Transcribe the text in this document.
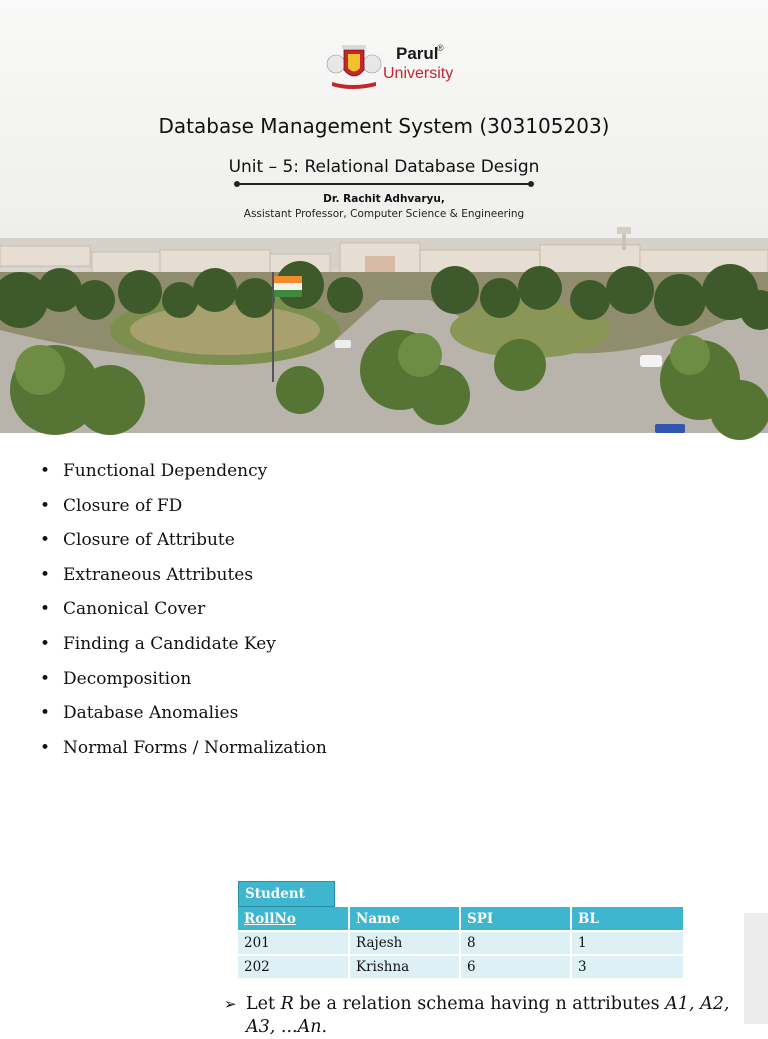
Parul
®
University
Database Management System (303105203)
Unit – 5: Relational Database Design
Dr. Rachit Adhvaryu,
Assistant Professor, Computer Science & Engineering
• Functional Dependency
• Closure of FD
• Closure of Attribute
• Extraneous Attributes
• Canonical Cover
• Finding a Candidate Key
• Decomposition
• Database Anomalies
• Normal Forms / Normalization
Student
RollNo	Name	SPI	BL
201	Rajesh	8	1
202	Krishna	6	3
➢ Let R be a relation schema having n attributes A1, A2,
A3, ...An.
